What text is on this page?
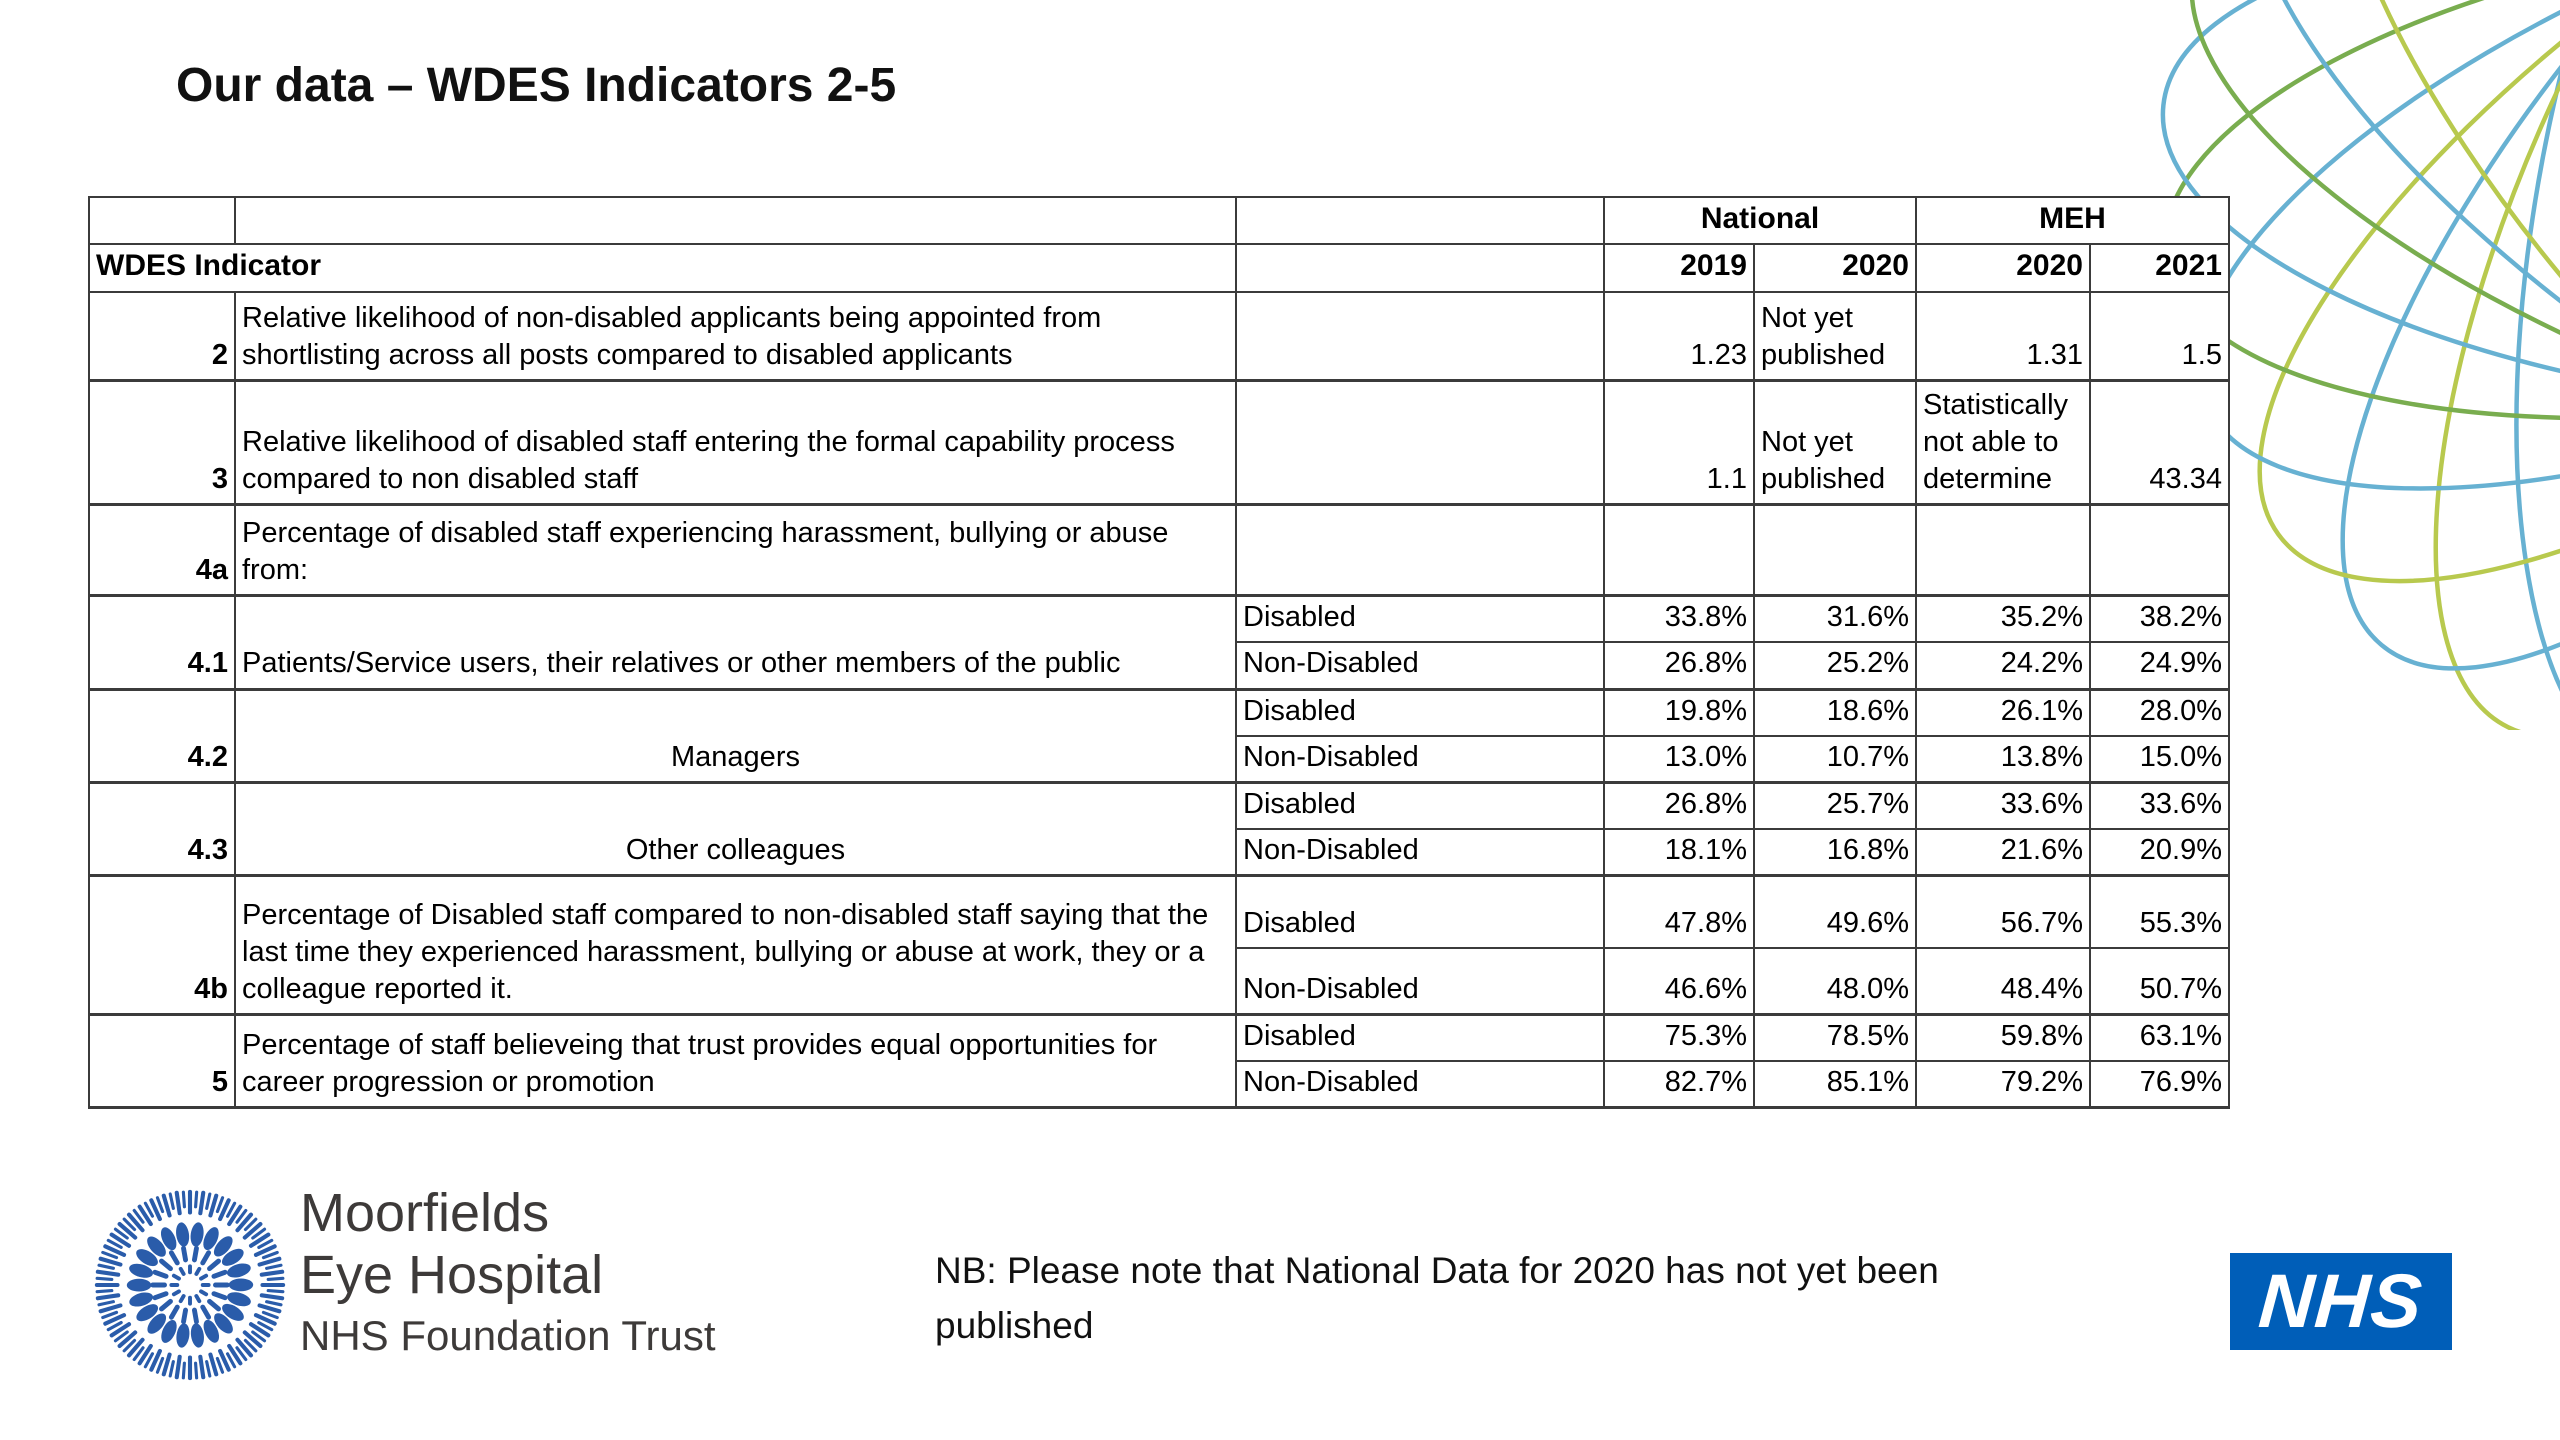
Our data – WDES Indicators 2-5
			National		MEH	
WDES Indicator			2019	2020	2020	2021
2	Relative likelihood of non-disabled applicants being appointed from shortlisting across all posts compared to disabled applicants		1.23	Not yet published	1.31	1.5
3	Relative likelihood of disabled staff entering the formal capability process compared to non disabled staff		1.1	Not yet published	Statistically not able to determine	43.34
4a	Percentage of disabled staff experiencing harassment, bullying or abuse from:					
4.1	Patients/Service users, their relatives or other members of the public	Disabled	33.8%	31.6%	35.2%	38.2%
		Non-Disabled	26.8%	25.2%	24.2%	24.9%
4.2	Managers	Disabled	19.8%	18.6%	26.1%	28.0%
		Non-Disabled	13.0%	10.7%	13.8%	15.0%
4.3	Other colleagues	Disabled	26.8%	25.7%	33.6%	33.6%
		Non-Disabled	18.1%	16.8%	21.6%	20.9%
4b	Percentage of Disabled staff compared to non-disabled staff saying that the last time they experienced harassment, bullying or abuse at work, they or a colleague reported it.	Disabled	47.8%	49.6%	56.7%	55.3%
		Non-Disabled	46.6%	48.0%	48.4%	50.7%
5	Percentage of staff believeing that trust provides equal opportunities for career progression or promotion	Disabled	75.3%	78.5%	59.8%	63.1%
		Non-Disabled	82.7%	85.1%	79.2%	76.9%
Moorfields
Eye Hospital
NHS Foundation Trust
NB: Please note that National Data for 2020 has not yet been published	NHS
